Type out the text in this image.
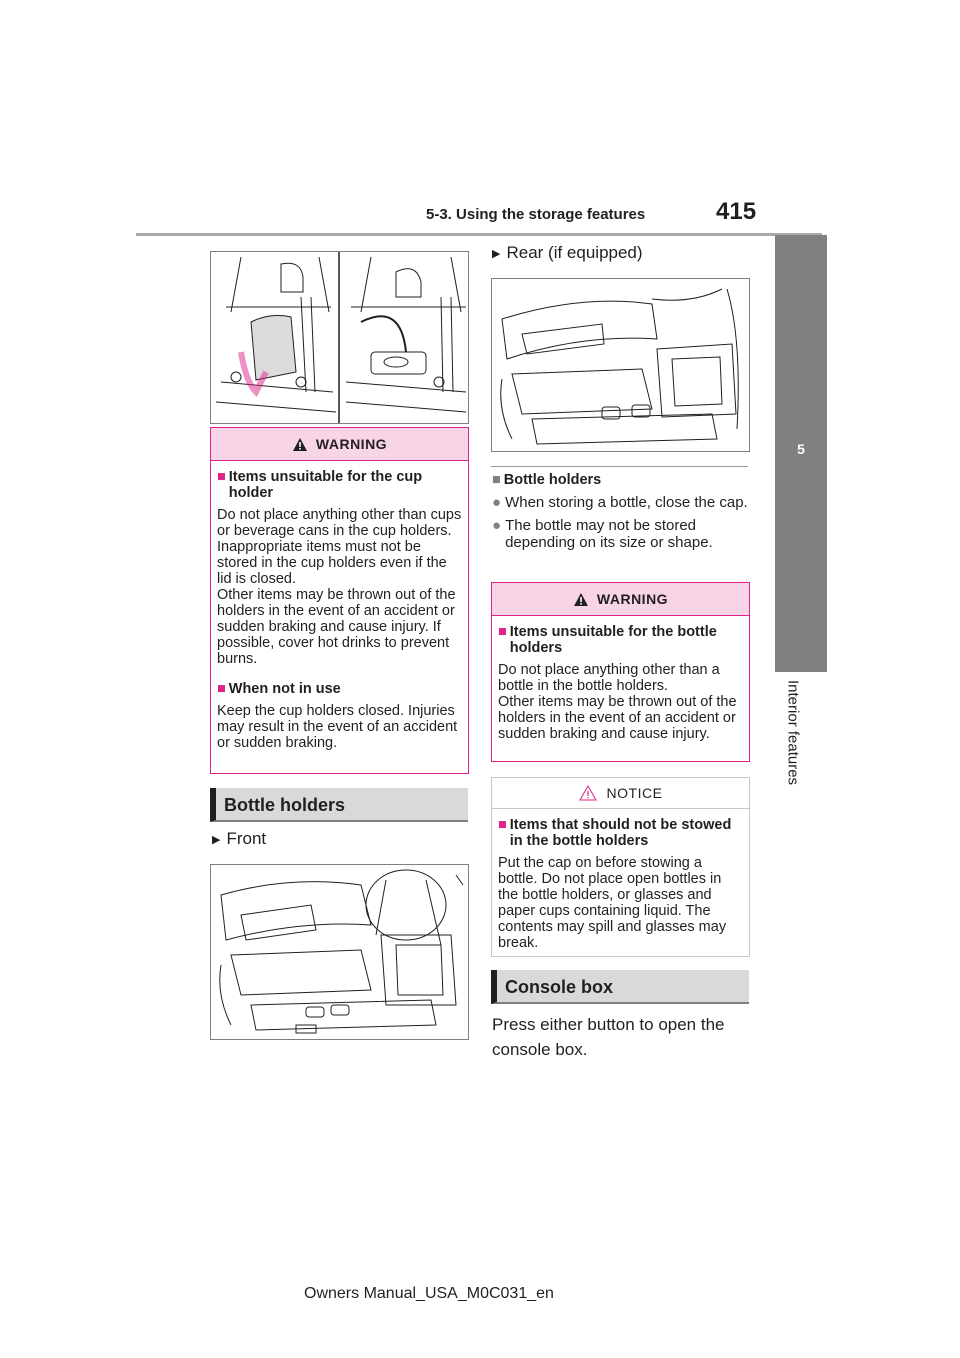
5-3. Using the storage features	415
5
Interior features
WARNING
■ Items unsuitable for the cup holder

Do not place anything other than cups or beverage cans in the cup holders.

Inappropriate items must not be stored in the cup holders even if the lid is closed.

Other items may be thrown out of the holders in the event of an accident or sudden braking and cause injury. If possible, cover hot drinks to prevent burns.

■ When not in use

Keep the cup holders closed. Injuries may result in the event of an accident or sudden braking.

Bottle holders
▶ Front
▶ Rear (if equipped)
■ Bottle holders
● When storing a bottle, close the cap.
● The bottle may not be stored depending on its size or shape.
WARNING
■ Items unsuitable for the bottle holders

Do not place anything other than a bottle in the bottle holders.

Other items may be thrown out of the holders in the event of an accident or sudden braking and cause injury.

NOTICE
■ Items that should not be stowed in the bottle holders

Put the cap on before stowing a bottle. Do not place open bottles in the bottle holders, or glasses and paper cups containing liquid. The contents may spill and glasses may break.

Console box
Press either button to open the console box.
Owners Manual_USA_M0C031_en
